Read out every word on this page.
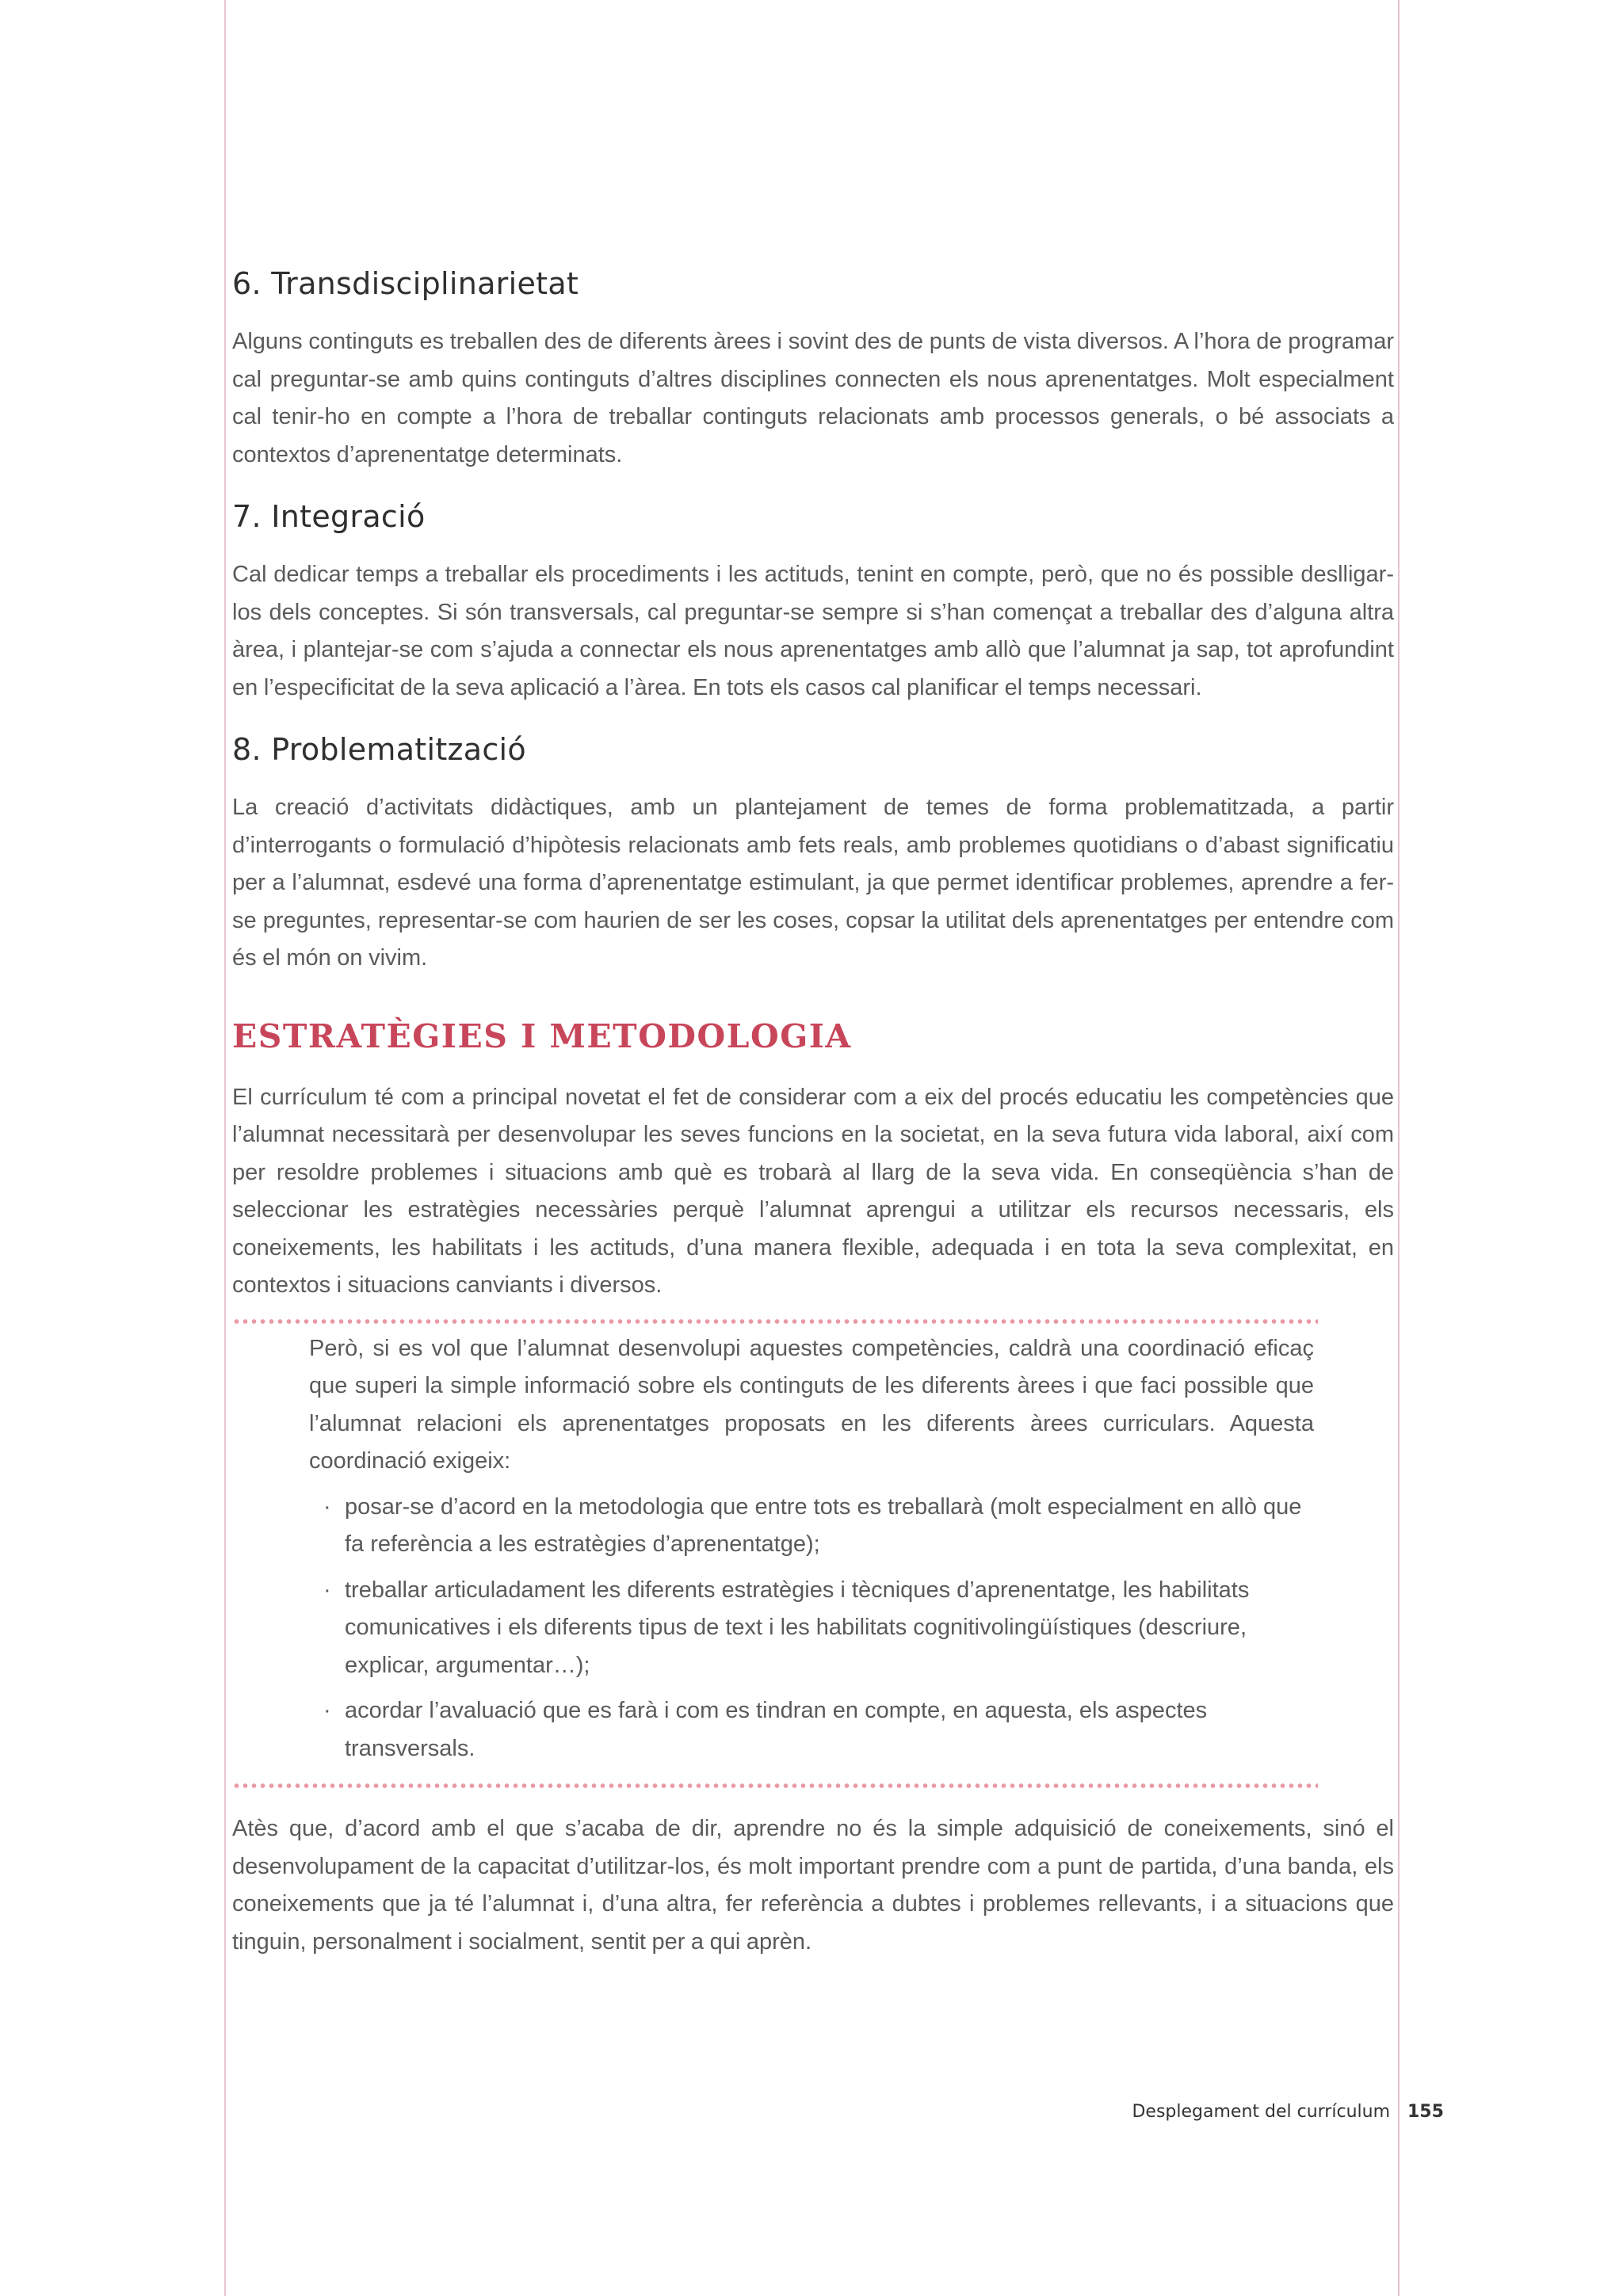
6. Transdisciplinarietat

Alguns continguts es treballen des de diferents àrees i sovint des de punts de vista diversos. A l’hora de programar cal preguntar-se amb quins continguts d’altres disciplines connecten els nous aprenentatges. Molt especialment cal tenir-ho en compte a l’hora de treballar continguts relacionats amb processos generals, o bé associats a contextos d’aprenentatge determinats.

7. Integració

Cal dedicar temps a treballar els procediments i les actituds, tenint en compte, però, que no és possible deslligar-los dels conceptes. Si són transversals, cal preguntar-se sempre si s’han començat a treballar des d’alguna altra àrea, i plantejar-se com s’ajuda a connectar els nous aprenentatges amb allò que l’alumnat ja sap, tot aprofundint en l’especificitat de la seva aplicació a l’àrea. En tots els casos cal planificar el temps necessari.

8. Problematització

La creació d’activitats didàctiques, amb un plantejament de temes de forma problematitzada, a partir d’interrogants o formulació d’hipòtesis relacionats amb fets reals, amb problemes quotidians o d’abast significatiu per a l’alumnat, esdevé una forma d’aprenentatge estimulant, ja que permet identificar problemes, aprendre a fer-se preguntes, representar-se com haurien de ser les coses, copsar la utilitat dels aprenentatges per entendre com és el món on vivim.

ESTRATÈGIES I METODOLOGIA

El currículum té com a principal novetat el fet de considerar com a eix del procés educatiu les competències que l’alumnat necessitarà per desenvolupar les seves funcions en la societat, en la seva futura vida laboral, així com per resoldre problemes i situacions amb què es trobarà al llarg de la seva vida. En conseqüència s’han de seleccionar les estratègies necessàries perquè l’alumnat aprengui a utilitzar els recursos necessaris, els coneixements, les habilitats i les actituds, d’una manera flexible, adequada i en tota la seva complexitat, en contextos i situacions canviants i diversos.

Però, si es vol que l’alumnat desenvolupi aquestes competències, caldrà una coordinació eficaç que superi la simple informació sobre els continguts de les diferents àrees i que faci possible que l’alumnat relacioni els aprenentatges proposats en les diferents àrees curriculars. Aquesta coordinació exigeix:

· posar-se d’acord en la metodologia que entre tots es treballarà (molt especialment en allò que fa referència a les estratègies d’aprenentatge);
· treballar articuladament les diferents estratègies i tècniques d’aprenentatge, les habilitats comunicatives i els diferents tipus de text i les habilitats cognitivolingüístiques (descriure, explicar, argumentar…);
· acordar l’avaluació que es farà i com es tindran en compte, en aquesta, els aspectes transversals.

Atès que, d’acord amb el que s’acaba de dir, aprendre no és la simple adquisició de coneixements, sinó el desenvolupament de la capacitat d’utilitzar-los, és molt important prendre com a punt de partida, d’una banda, els coneixements que ja té l’alumnat i, d’una altra, fer referència a dubtes i problemes rellevants, i a situacions que tinguin, personalment i socialment, sentit per a qui aprèn.

Desplegament del currículum 155
